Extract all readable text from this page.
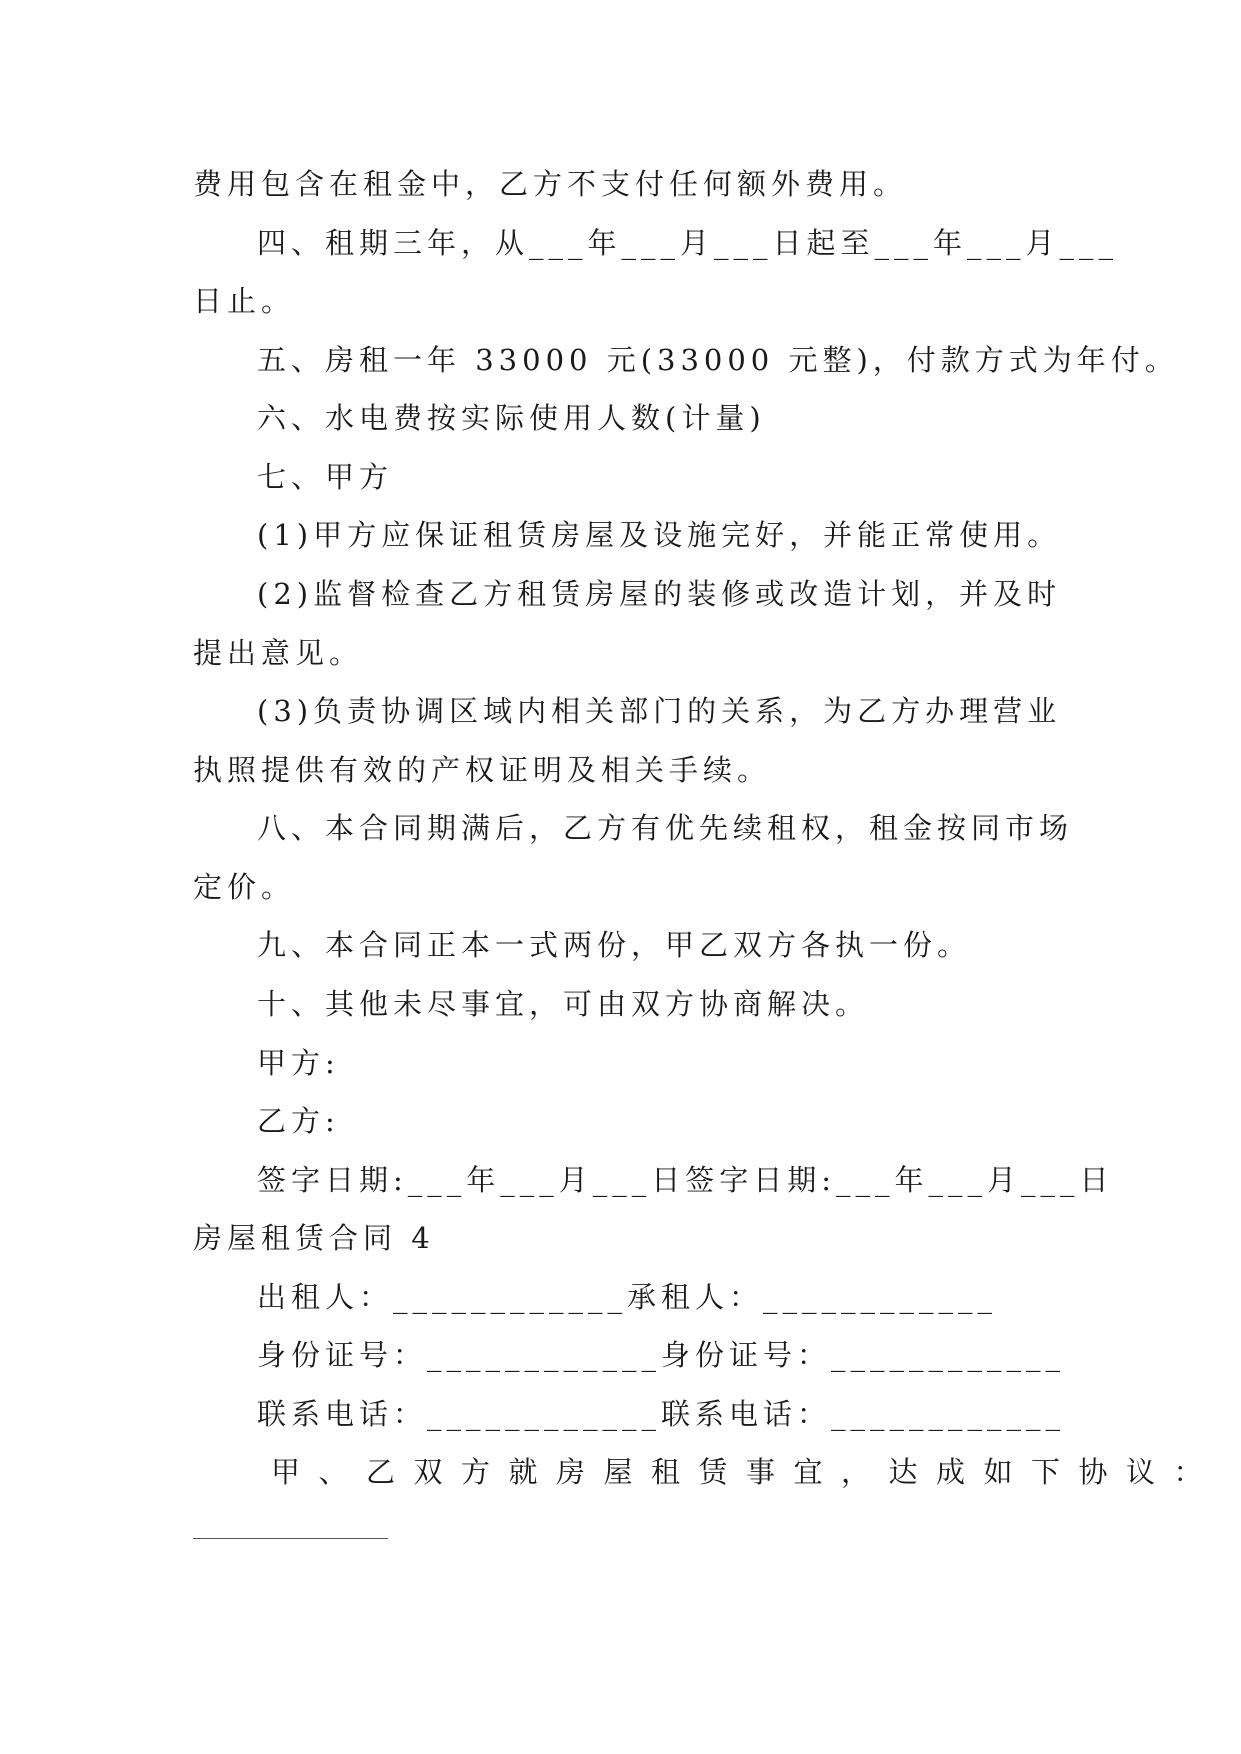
费用包含在租金中，乙方不支付任何额外费用。
四、租期三年，从___年___月___日起至___年___月___
日止。
五、房租一年 33000 元(33000 元整)，付款方式为年付。
六、水电费按实际使用人数(计量)
七、甲方
(1)甲方应保证租赁房屋及设施完好，并能正常使用。
(2)监督检查乙方租赁房屋的装修或改造计划，并及时
提出意见。
(3)负责协调区域内相关部门的关系，为乙方办理营业
执照提供有效的产权证明及相关手续。
八、本合同期满后，乙方有优先续租权，租金按同市场
定价。
九、本合同正本一式两份，甲乙双方各执一份。
十、其他未尽事宜，可由双方协商解决。
甲方:
乙方:
签字日期:___年___月___日签字日期:___年___月___日
房屋租赁合同 4
出租人：____________承租人：____________
身份证号：____________身份证号：____________
联系电话：____________联系电话：____________
甲、乙双方就房屋租赁事宜，达成如下协议：
